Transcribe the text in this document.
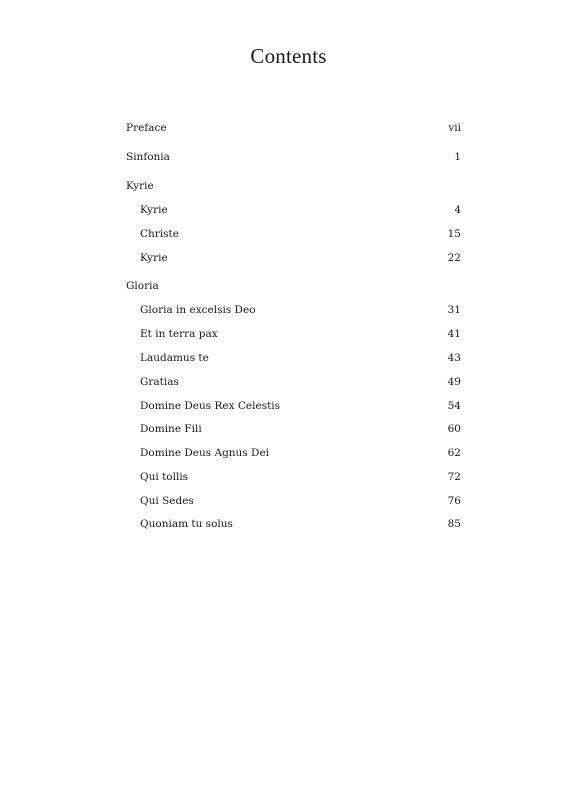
Contents
Preface	vii
Sinfonia	1
Kyrie
Kyrie	4
Christe	15
Kyrie	22
Gloria
Gloria in excelsis Deo	31
Et in terra pax	41
Laudamus te	43
Gratias	49
Domine Deus Rex Celestis	54
Domine Fili	60
Domine Deus Agnus Dei	62
Qui tollis	72
Qui Sedes	76
Quoniam tu solus	85
